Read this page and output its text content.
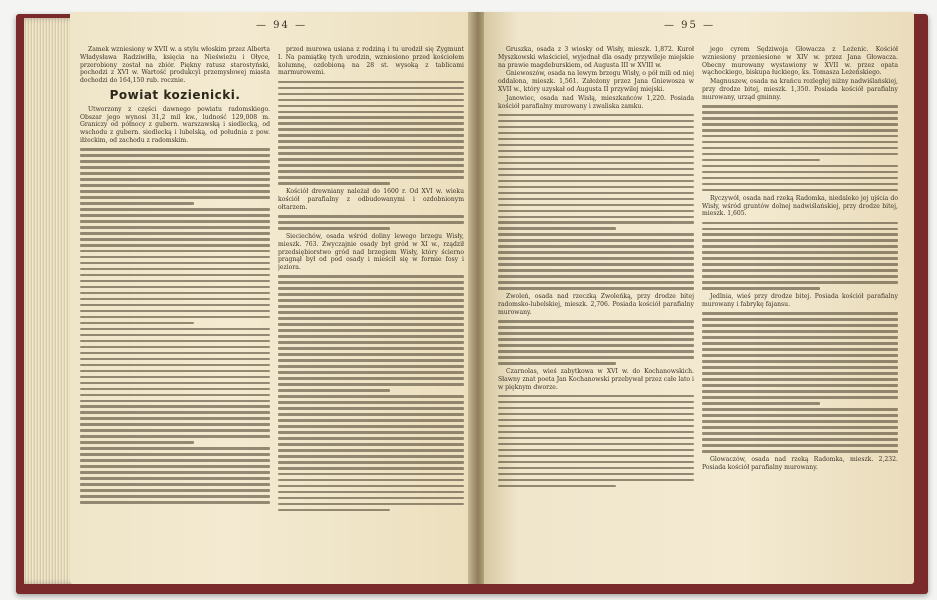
— 94 —

Zamek wzniesiony w XVII w. a stylu włoskim przez Alberta Władysława Radziwiłła, księcia na Nieświeżu i Ołyce, przerobiony został na zbiór. Piękny ratusz starostyński, pochodzi z XVI w. Wartość produkcyi przemysłowej miasta dochodzi do 164,150 rub. rocznie.

Powiat kozienicki.

Utworzony z części dawnego powiatu radomskiego. Obszar jego wynosi 31,2 mil kw., ludność 129,008 m. Graniczy od północy z gubern. warszawską i siedlecką, od wschodu z gubern. siedlecką i lubelską, od południa z pow. iłżeckim, od zachodu z radomskim.

przed murowa usiana z rodziną i tu urodził się Zygmunt I. Na pamiątkę tych urodzin, wzniesiono przed kościołem kolumnę, ozdobioną na 28 st. wysoką z tablicami marmurowemi.

Kościół drewniany należał do 1600 r. Od XVI w. wieku kościół parafialny z odbudowanymi i ozdobnionym ołtarzem.

Sieciechów, osada wśród doliny lewego brzegu Wisły, mieszk. 763. Zwyczajnie osady był gród w XI w., rządził przedsiębiorstwo gród nad brzegiem Wisły, który ścierno pragnął był od pod osady i mieścił się w formie fosy i jeziora.

— 95 —

Gruszka, osada z 3 wiosky od Wisły, mieszk. 1,872. Kuroł Myszkowski właściciel, wyjednał dla osady przywileje miejskie na prawie magdeburskiem, od Augusta III w XVIII w.

Gniewoszów, osada na lewym brzegu Wisły, o pół mili od niej oddalona, mieszk. 1,561. Założony przez Jana Gniewosza w XVII w., który uzyskał od Augusta II przywilej miejski.

Janowiec, osada nad Wisłą, mieszkańców 1,220. Posiada kościół parafialny murowany i zwaliska zamku.

Zwoleń, osada nad rzeczką Zwoleńką, przy drodze bitej radomsko-lubelskiej, mieszk. 2,706. Posiada kościół parafialny murowany.

Czarnolas, wieś zabytkowa w XVI w. do Kochanowskich. Sławny znat poeta Jan Kochanowski przebywał przez całe lato i w pięknym dworze.

jego cyrem Sędziwoja Głowacza z Leżenic. Kościół wzniesiony przeniesione w XIV w. przez Jana Głowacza. Obecny murowany wystawiony w XVII w. przez opata wąchockiego, biskupa łuckiego, ks. Tomasza Leżeńskiego.

Magnuszew, osada na krańcu rozległej niżny nadwiślańskiej, przy drodze bitej, mieszk. 1,350. Posiada kościół parafialny murowany, urząd gminny.

Ryczywół, osada nad rzeką Radomka, niedaleko jej ujścia do Wisły, wśród gruntów dolnej nadwiślańskiej, przy drodze bitej, mieszk. 1,605.

Jedlnia, wieś przy drodze bitej. Posiada kościół parafialny murowany i fabrykę fajansu.

Glowaczów, osada nad rzeką Radomka, mieszk. 2,232. Posiada kościół parafialny murowany.
